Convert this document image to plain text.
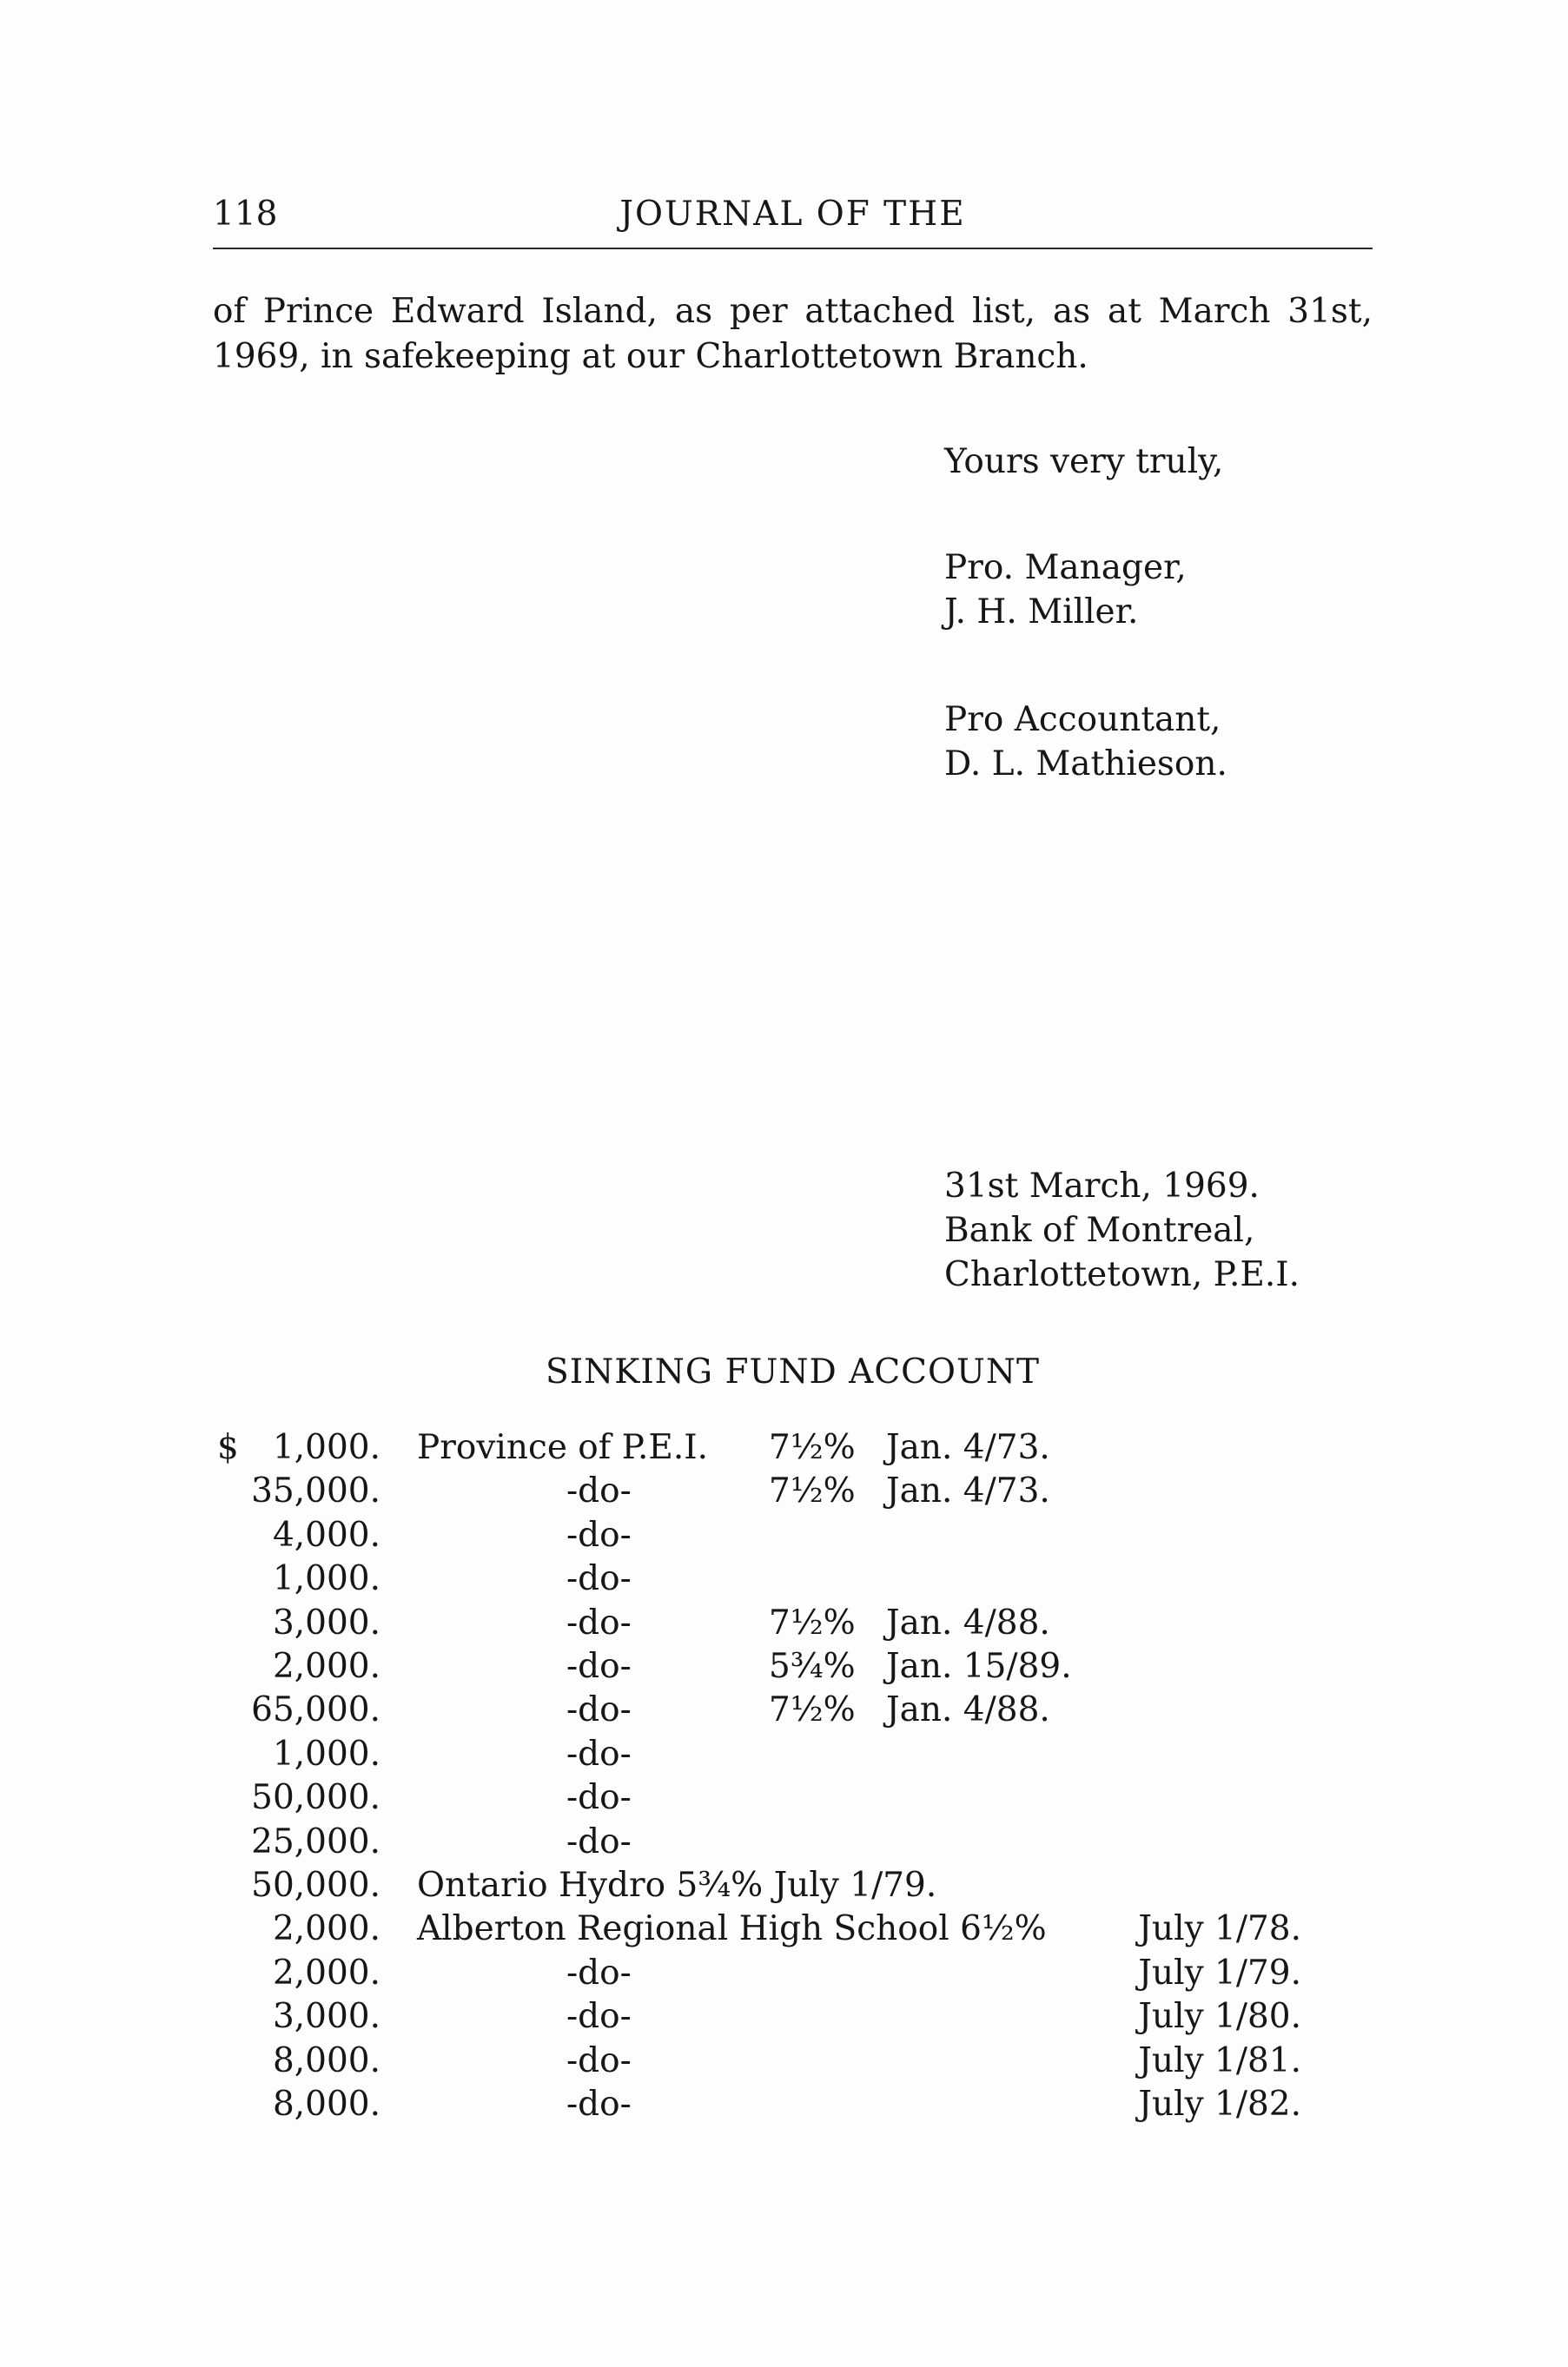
118	JOURNAL OF THE
of Prince Edward Island, as per attached list, as at March 31st,
1969, in safekeeping at our Charlottetown Branch.
Yours very truly,
Pro. Manager,
J. H. Miller.
Pro Accountant,
D. L. Mathieson.
31st March, 1969.
Bank of Montreal,
Charlottetown, P.E.I.
SINKING FUND ACCOUNT
$ 1,000. Province of P.E.I. 7½% Jan. 4/73.
35,000.	-do-	7½% Jan. 4/73.
4,000.	-do-
1,000.	-do-
3,000.	-do-	7½% Jan. 4/88.
2,000.	-do-	5¾% Jan. 15/89.
65,000.	-do-	7½% Jan. 4/88.
1,000.	-do-
50,000.	-do-
25,000.	-do-
50,000. Ontario Hydro 5¾% July 1/79.
2,000. Alberton Regional High School 6½%	July 1/78.
2,000.	-do-	July 1/79.
3,000.	-do-	July 1/80.
8,000.	-do-	July 1/81.
8,000.	-do-	July 1/82.
